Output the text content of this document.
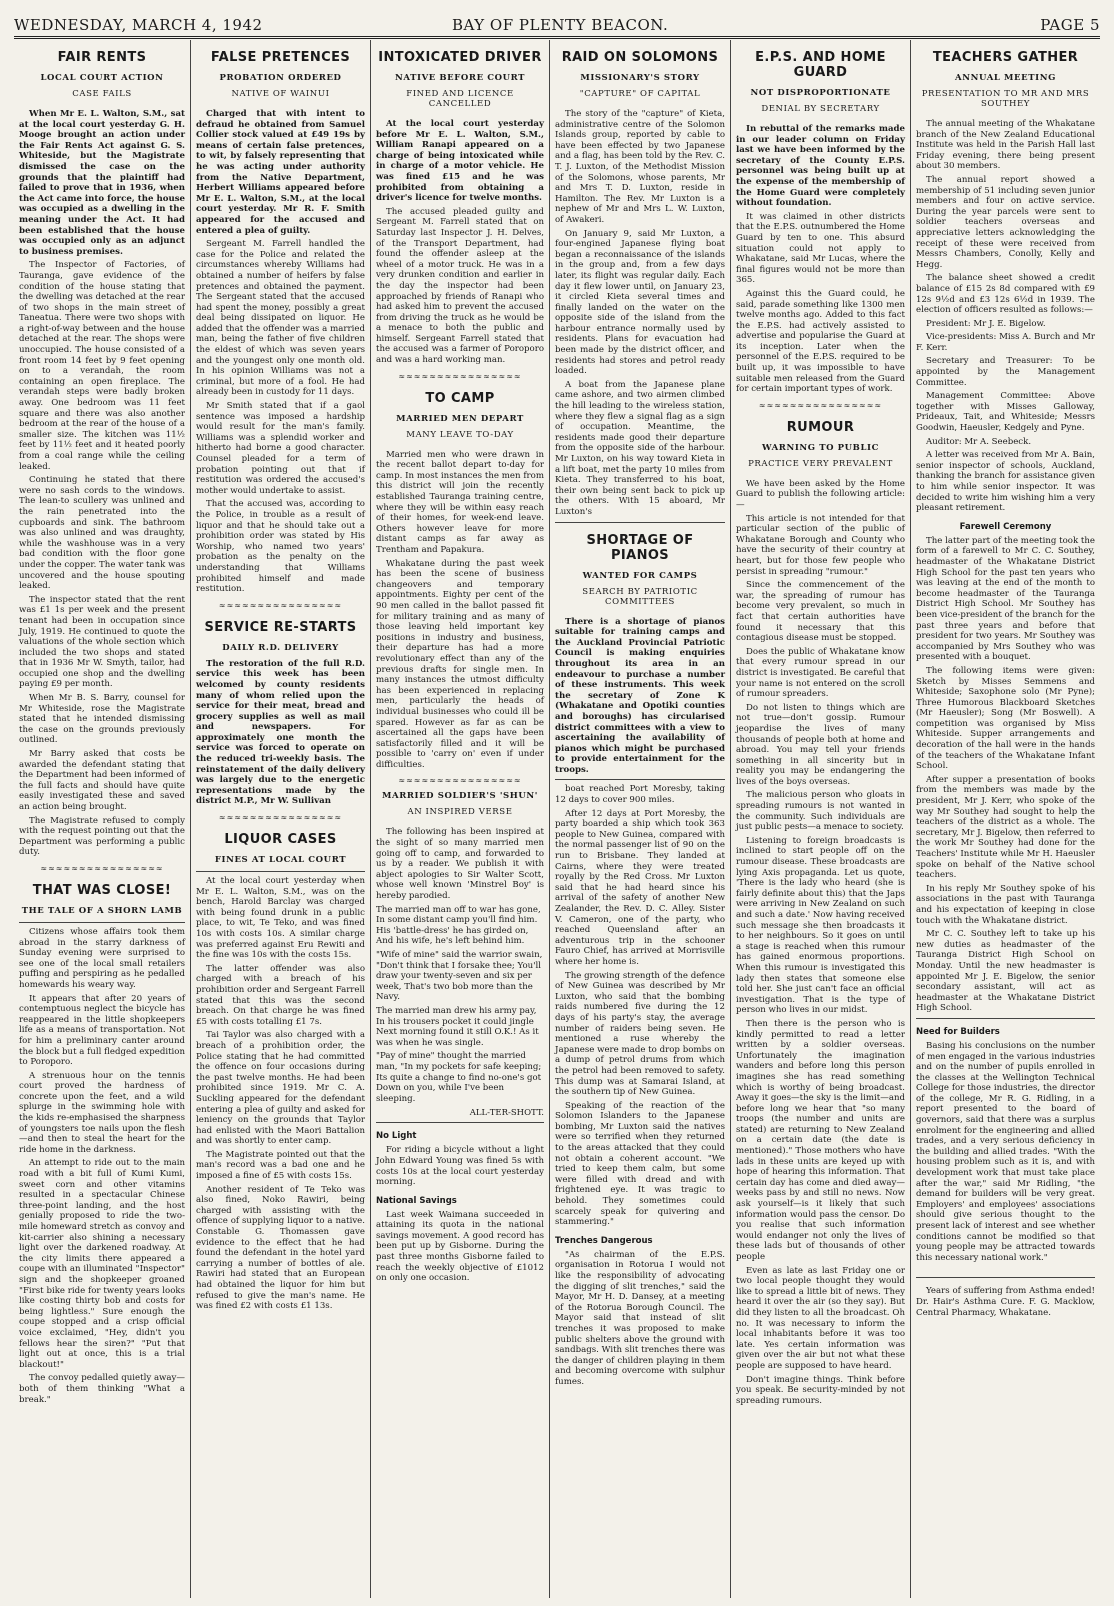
WEDNESDAY, MARCH 4, 1942	BAY OF PLENTY BEACON.	PAGE 5
FAIR RENTS
LOCAL COURT ACTION
CASE FAILS

When Mr E. L. Walton, S.M., sat at the local court yesterday G. H. Mooge brought an action under the Fair Rents Act against G. S. Whiteside, but the Magistrate dismissed the case on the grounds that the plaintiff had failed to prove that in 1936, when the Act came into force, the house was occupied as a dwelling in the meaning under the Act. It had been established that the house was occupied only as an adjunct to business premises.

The Inspector of Factories, of Tauranga, gave evidence of the condition of the house stating that the dwelling was detached at the rear of two shops in the main street of Taneatua. There were two shops with a right-of-way between and the house detached at the rear. The shops were unoccupied. The house consisted of a front room 14 feet by 9 feet opening on to a verandah, the room containing an open fireplace. The verandah steps were badly broken away. One bedroom was 11 feet square and there was also another bedroom at the rear of the house of a smaller size. The kitchen was 11½ feet by 11½ feet and it heated poorly from a coal range while the ceiling leaked.

Continuing he stated that there were no sash cords to the windows. The lean-to scullery was unlined and the rain penetrated into the cupboards and sink. The bathroom was also unlined and was draughty, while the washhouse was in a very bad condition with the floor gone under the copper. The water tank was uncovered and the house spouting leaked.

The inspector stated that the rent was £1 1s per week and the present tenant had been in occupation since July, 1919. He continued to quote the valuations of the whole section which included the two shops and stated that in 1936 Mr W. Smyth, tailor, had occupied one shop and the dwelling paying £9 per month.

When Mr B. S. Barry, counsel for Mr Whiteside, rose the Magistrate stated that he intended dismissing the case on the grounds previously outlined.

Mr Barry asked that costs be awarded the defendant stating that the Department had been informed of the full facts and should have quite easily investigated these and saved an action being brought.

The Magistrate refused to comply with the request pointing out that the Department was performing a public duty.

≈≈≈≈≈≈≈≈≈≈≈≈≈≈≈≈
THAT WAS CLOSE!
THE TALE OF A SHORN LAMB

Citizens whose affairs took them abroad in the starry darkness of Sunday evening were surprised to see one of the local small retailers puffing and perspiring as he pedalled homewards his weary way.

It appears that after 20 years of contemptuous neglect the bicycle has reappeared in the little shopkeepers life as a means of transportation. Not for him a preliminary canter around the block but a full fledged expedition to Poroporo.

A strenuous hour on the tennis court proved the hardness of concrete upon the feet, and a wild splurge in the swimming hole with the kids re-emphasised the sharpness of youngsters toe nails upon the flesh—and then to steal the heart for the ride home in the darkness.

An attempt to ride out to the main road with a bit full of Kumi Kumi, sweet corn and other vitamins resulted in a spectacular Chinese three-point landing, and the host genially proposed to ride the two-mile homeward stretch as convoy and kit-carrier also shining a necessary light over the darkened roadway. At the city limits there appeared a coupe with an illuminated "Inspector" sign and the shopkeeper groaned "First bike ride for twenty years looks like costing thirty bob and costs for being lightless." Sure enough the coupe stopped and a crisp official voice exclaimed, "Hey, didn't you fellows hear the siren?" "Put that light out at once, this is a trial blackout!"

The convoy pedalled quietly away—both of them thinking "What a break."

FALSE PRETENCES
PROBATION ORDERED
NATIVE OF WAINUI

Charged that with intent to defraud he obtained from Samuel Collier stock valued at £49 19s by means of certain false pretences, to wit, by falsely representing that he was acting under authority from the Native Department, Herbert Williams appeared before Mr E. L. Walton, S.M., at the local court yesterday. Mr R. F. Smith appeared for the accused and entered a plea of guilty.

Sergeant M. Farrell handled the case for the Police and related the circumstances whereby Williams had obtained a number of heifers by false pretences and obtained the payment. The Sergeant stated that the accused had spent the money, possibly a great deal being dissipated on liquor. He added that the offender was a married man, being the father of five children the eldest of which was seven years and the youngest only one month old. In his opinion Williams was not a criminal, but more of a fool. He had already been in custody for 11 days.

Mr Smith stated that if a gaol sentence was imposed a hardship would result for the man's family. Williams was a splendid worker and hitherto had borne a good character. Counsel pleaded for a term of probation pointing out that if restitution was ordered the accused's mother would undertake to assist.

That the accused was, according to the Police, in trouble as a result of liquor and that he should take out a prohibition order was stated by His Worship, who named two years' probation as the penalty on the understanding that Williams prohibited himself and made restitution.

≈≈≈≈≈≈≈≈≈≈≈≈≈≈≈≈
SERVICE RE-STARTS
DAILY R.D. DELIVERY

The restoration of the full R.D. service this week has been welcomed by county residents many of whom relied upon the service for their meat, bread and grocery supplies as well as mail and newspapers. For approximately one month the service was forced to operate on the reduced tri-weekly basis. The reinstatement of the daily delivery was largely due to the energetic representations made by the district M.P., Mr W. Sullivan

≈≈≈≈≈≈≈≈≈≈≈≈≈≈≈≈
LIQUOR CASES
FINES AT LOCAL COURT

At the local court yesterday when Mr E. L. Walton, S.M., was on the bench, Harold Barclay was charged with being found drunk in a public place, to wit, Te Teko, and was fined 10s with costs 10s. A similar charge was preferred against Eru Rewiti and the fine was 10s with the costs 15s.

The latter offender was also charged with a breach of his prohibition order and Sergeant Farrell stated that this was the second breach. On that charge he was fined £5 with costs totalling £1 7s.

Tai Taylor was also charged with a breach of a prohibition order, the Police stating that he had committed the offence on four occasions during the past twelve months. He had been prohibited since 1919. Mr C. A. Suckling appeared for the defendant entering a plea of guilty and asked for leniency on the grounds that Taylor had enlisted with the Maori Battalion and was shortly to enter camp.

The Magistrate pointed out that the man's record was a bad one and he imposed a fine of £5 with costs 15s.

Another resident of Te Teko was also fined, Noko Rawiri, being charged with assisting with the offence of supplying liquor to a native. Constable G. Thomassen gave evidence to the effect that he had found the defendant in the hotel yard carrying a number of bottles of ale. Rawiri had stated that an European had obtained the liquor for him but refused to give the man's name. He was fined £2 with costs £1 13s.

INTOXICATED DRIVER
NATIVE BEFORE COURT
FINED AND LICENCE CANCELLED

At the local court yesterday before Mr E. L. Walton, S.M., William Ranapi appeared on a charge of being intoxicated while in charge of a motor vehicle. He was fined £15 and he was prohibited from obtaining a driver's licence for twelve months.

The accused pleaded guilty and Sergeant M. Farrell stated that on Saturday last Inspector J. H. Delves, of the Transport Department, had found the offender asleep at the wheel of a motor truck. He was in a very drunken condition and earlier in the day the inspector had been approached by friends of Ranapi who had asked him to prevent the accused from driving the truck as he would be a menace to both the public and himself. Sergeant Farrell stated that the accused was a farmer of Poroporo and was a hard working man.

≈≈≈≈≈≈≈≈≈≈≈≈≈≈≈≈
TO CAMP
MARRIED MEN DEPART
MANY LEAVE TO-DAY

Married men who were drawn in the recent ballot depart to-day for camp. In most instances the men from this district will join the recently established Tauranga training centre, where they will be within easy reach of their homes, for week-end leave. Others however leave for more distant camps as far away as Trentham and Papakura.

Whakatane during the past week has been the scene of business changeovers and temporary appointments. Eighty per cent of the 90 men called in the ballot passed fit for military training and as many of those leaving held important key positions in industry and business, their departure has had a more revolutionary effect than any of the previous drafts for single men. In many instances the utmost difficulty has been experienced in replacing men, particularly the heads of individual businesses who could ill be spared. However as far as can be ascertained all the gaps have been satisfactorily filled and it will be possible to 'carry on' even if under difficulties.

≈≈≈≈≈≈≈≈≈≈≈≈≈≈≈≈
MARRIED SOLDIER'S 'SHUN'
AN INSPIRED VERSE

The following has been inspired at the sight of so many married men going off to camp, and forwarded to us by a reader. We publish it with abject apologies to Sir Walter Scott, whose well known 'Minstrel Boy' is hereby parodied.

The married man off to war has gone, In some distant camp you'll find him. His 'battle-dress' he has girded on, And his wife, he's left behind him.

"Wife of mine" said the warrior swain, "Don't think that I forsake thee; You'll draw your twenty-seven and six per week, That's two bob more than the Navy.

The married man drew his army pay, In his trousers pocket it could jingle Next morning found it still O.K.! As it was when he was single.

"Pay of mine" thought the married man, "In my pockets for safe keeping; Its quite a change to find no-one's got Down on you, while I've been sleeping.

ALL-TER-SHOTT.
No Light

For riding a bicycle without a light John Edward Young was fined 5s with costs 10s at the local court yesterday morning.

National Savings

Last week Waimana succeeded in attaining its quota in the national savings movement. A good record has been put up by Gisborne. During the past three months Gisborne failed to reach the weekly objective of £1012 on only one occasion.

RAID ON SOLOMONS
MISSIONARY'S STORY
"CAPTURE" OF CAPITAL

The story of the "capture" of Kieta, administrative centre of the Solomon Islands group, reported by cable to have been effected by two Japanese and a flag, has been told by the Rev. C. T. J. Luxton, of the Methodist Mission of the Solomons, whose parents, Mr and Mrs T. D. Luxton, reside in Hamilton. The Rev. Mr Luxton is a nephew of Mr and Mrs L. W. Luxton, of Awakeri.

On January 9, said Mr Luxton, a four-engined Japanese flying boat began a reconnaissance of the islands in the group and, from a few days later, its flight was regular daily. Each day it flew lower until, on January 23, it circled Kieta several times and finally landed on the water on the opposite side of the island from the harbour entrance normally used by residents. Plans for evacuation had been made by the district officer, and residents had stores and petrol ready loaded.

A boat from the Japanese plane came ashore, and two airmen climbed the hill leading to the wireless station, where they flew a signal flag as a sign of occupation. Meantime, the residents made good their departure from the opposite side of the harbour. Mr Luxton, on his way toward Kieta in a lift boat, met the party 10 miles from Kieta. They transferred to his boat, their own being sent back to pick up the others. With 15 aboard, Mr Luxton's

SHORTAGE OF PIANOS
WANTED FOR CAMPS
SEARCH BY PATRIOTIC COMMITTEES

There is a shortage of pianos suitable for training camps and the Auckland Provincial Patriotic Council is making enquiries throughout its area in an endeavour to purchase a number of these instruments. This week the secretary of Zone K (Whakatane and Opotiki counties and boroughs) has circularised district committees with a view to ascertaining the availability of pianos which might be purchased to provide entertainment for the troops.

boat reached Port Moresby, taking 12 days to cover 900 miles.

After 12 days at Port Moresby, the party boarded a ship which took 363 people to New Guinea, compared with the normal passenger list of 90 on the run to Brisbane. They landed at Cairns, where they were treated royally by the Red Cross. Mr Luxton said that he had heard since his arrival of the safety of another New Zealander, the Rev. D. C. Alley. Sister V. Cameron, one of the party, who reached Queensland after an adventurous trip in the schooner Fauro Chief, has arrived at Morrisville where her home is.

The growing strength of the defence of New Guinea was described by Mr Luxton, who said that the bombing raids numbered five during the 12 days of his party's stay, the average number of raiders being seven. He mentioned a ruse whereby the Japanese were made to drop bombs on a dump of petrol drums from which the petrol had been removed to safety. This dump was at Samarai Island, at the southern tip of New Guinea.

Speaking of the reaction of the Solomon Islanders to the Japanese bombing, Mr Luxton said the natives were so terrified when they returned to the areas attacked that they could not obtain a coherent account. "We tried to keep them calm, but some were filled with dread and with frightened eye. It was tragic to behold. They sometimes could scarcely speak for quivering and stammering."

Trenches Dangerous

"As chairman of the E.P.S. organisation in Rotorua I would not like the responsibility of advocating the digging of slit trenches," said the Mayor, Mr H. D. Dansey, at a meeting of the Rotorua Borough Council. The Mayor said that instead of slit trenches it was proposed to make public shelters above the ground with sandbags. With slit trenches there was the danger of children playing in them and becoming overcome with sulphur fumes.

E.P.S. AND HOME GUARD
NOT DISPROPORTIONATE
DENIAL BY SECRETARY

In rebuttal of the remarks made in our leader column on Friday last we have been informed by the secretary of the County E.P.S. personnel was being built up at the expense of the membership of the Home Guard were completely without foundation.

It was claimed in other districts that the E.P.S. outnumbered the Home Guard by ten to one. This absurd situation could not apply to Whakatane, said Mr Lucas, where the final figures would not be more than 365.

Against this the Guard could, he said, parade something like 1300 men twelve months ago. Added to this fact the E.P.S. had actively assisted to advertise and popularise the Guard at its inception. Later when the personnel of the E.P.S. required to be built up, it was impossible to have suitable men released from the Guard for certain important types of work.

≈≈≈≈≈≈≈≈≈≈≈≈≈≈≈≈
RUMOUR
WARNING TO PUBLIC
PRACTICE VERY PREVALENT

We have been asked by the Home Guard to publish the following article:—

This article is not intended for that particular section of the public of Whakatane Borough and County who have the security of their country at heart, but for those few people who persist in spreading "rumour."

Since the commencement of the war, the spreading of rumour has become very prevalent, so much in fact that certain authorities have found it necessary that this contagious disease must be stopped.

Does the public of Whakatane know that every rumour spread in our district is investigated. Be careful that your name is not entered on the scroll of rumour spreaders.

Do not listen to things which are not true—don't gossip. Rumour jeopardise the lives of many thousands of people both at home and abroad. You may tell your friends something in all sincerity but in reality you may be endangering the lives of the boys overseas.

The malicious person who gloats in spreading rumours is not wanted in the community. Such individuals are just public pests—a menace to society.

Listening to foreign broadcasts is inclined to start people off on the rumour disease. These broadcasts are lying Axis propaganda. Let us quote, 'There is the lady who heard (she is fairly definite about this) that the Japs were arriving in New Zealand on such and such a date.' Now having received such message she then broadcasts it to her neighbours. So it goes on until a stage is reached when this rumour has gained enormous proportions. When this rumour is investigated this lady then states that someone else told her. She just can't face an official investigation. That is the type of person who lives in our midst.

Then there is the person who is kindly permitted to read a letter written by a soldier overseas. Unfortunately the imagination wanders and before long this person imagines she has read something which is worthy of being broadcast. Away it goes—the sky is the limit—and before long we hear that "so many troops (the number and units are stated) are returning to New Zealand on a certain date (the date is mentioned)." Those mothers who have lads in these units are keyed up with hope of hearing this information. That certain day has come and died away—weeks pass by and still no news. Now ask yourself—is it likely that such information would pass the censor. Do you realise that such information would endanger not only the lives of these lads but of thousands of other people

Even as late as last Friday one or two local people thought they would like to spread a little bit of news. They heard it over the air (so they say). But did they listen to all the broadcast. Oh no. It was necessary to inform the local inhabitants before it was too late. Yes certain information was given over the air but not what these people are supposed to have heard.

Don't imagine things. Think before you speak. Be security-minded by not spreading rumours.

TEACHERS GATHER
ANNUAL MEETING
PRESENTATION TO MR AND MRS SOUTHEY

The annual meeting of the Whakatane branch of the New Zealand Educational Institute was held in the Parish Hall last Friday evening, there being present about 30 members.

The annual report showed a membership of 51 including seven junior members and four on active service. During the year parcels were sent to soldier teachers overseas and appreciative letters acknowledging the receipt of these were received from Messrs Chambers, Conolly, Kelly and Hegg.

The balance sheet showed a credit balance of £15 2s 8d compared with £9 12s 9½d and £3 12s 6½d in 1939. The election of officers resulted as follows:—

President: Mr J. E. Bigelow.

Vice-presidents: Miss A. Burch and Mr F. Kerr.

Secretary and Treasurer: To be appointed by the Management Committee.

Management Committee: Above together with Misses Galloway, Prideaux, Tait, and Whiteside; Messrs Goodwin, Haeusler, Kedgely and Pyne.

Auditor: Mr A. Seebeck.

A letter was received from Mr A. Bain, senior inspector of schools, Auckland, thanking the branch for assistance given to him while senior inspector. It was decided to write him wishing him a very pleasant retirement.

Farewell Ceremony

The latter part of the meeting took the form of a farewell to Mr C. C. Southey, headmaster of the Whakatane District High School for the past ten years who was leaving at the end of the month to become headmaster of the Tauranga District High School. Mr Southey has been vice-president of the branch for the past three years and before that president for two years. Mr Southey was accompanied by Mrs Southey who was presented with a bouquet.

The following items were given: Sketch by Misses Semmens and Whiteside; Saxophone solo (Mr Pyne); Three Humorous Blackboard Sketches (Mr Haeusler); Song (Mr Boswell). A competition was organised by Miss Whiteside. Supper arrangements and decoration of the hall were in the hands of the teachers of the Whakatane Infant School.

After supper a presentation of books from the members was made by the president, Mr J. Kerr, who spoke of the way Mr Southey had sought to help the teachers of the district as a whole. The secretary, Mr J. Bigelow, then referred to the work Mr Southey had done for the Teachers' Institute while Mr H. Haeusler spoke on behalf of the Native school teachers.

In his reply Mr Southey spoke of his associations in the past with Tauranga and his expectation of keeping in close touch with the Whakatane district.

Mr C. C. Southey left to take up his new duties as headmaster of the Tauranga District High School on Monday. Until the new headmaster is appointed Mr J. E. Bigelow, the senior secondary assistant, will act as headmaster at the Whakatane District High School.

Need for Builders

Basing his conclusions on the number of men engaged in the various industries and on the number of pupils enrolled in the classes at the Wellington Technical College for those industries, the director of the college, Mr R. G. Ridling, in a report presented to the board of governors, said that there was a surplus enrolment for the engineering and allied trades, and a very serious deficiency in the building and allied trades. "With the housing problem such as it is, and with development work that must take place after the war," said Mr Ridling, "the demand for builders will be very great. Employers' and employees' associations should give serious thought to the present lack of interest and see whether conditions cannot be modified so that young people may be attracted towards this necessary national work."

Years of suffering from Asthma ended! Dr. Hair's Asthma Cure. F. G. Macklow, Central Pharmacy, Whakatane.
